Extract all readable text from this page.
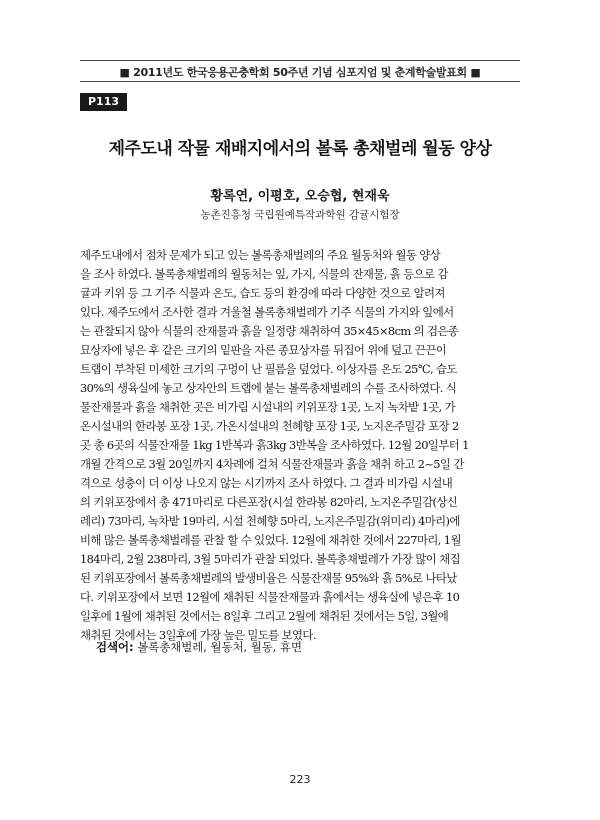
■ 2011년도 한국응용곤충학회 50주년 기념 심포지엄 및 춘계학술발표회 ■
P113
제주도내 작물 재배지에서의 볼록 총채벌레 월동 양상
황록연, 이평호, 오승협, 현재욱
농촌진흥청 국립원예특작과학원 감귤시험장
제주도내에서 점차 문제가 되고 있는 볼록총채벌레의 주요 월동처와 월동 양상
을 조사 하였다. 볼록총채벌레의 월동처는 잎, 가지, 식물의 잔재물, 흙 등으로 감
귤과 키위 등 그 기주 식물과 온도, 습도 등의 환경에 따라 다양한 것으로 알려져
있다. 제주도에서 조사한 결과 겨울철 볼록총채벌레가 기주 식물의 가지와 잎에서
는 관찰되지 않아 식물의 잔재물과 흙을 일정량 채취하여 35×45×8cm 의 검은종
묘상자에 넣은 후 같은 크기의 밑판을 자른 종묘상자를 뒤집어 위에 덮고 끈끈이
트랩이 부착된 미세한 크기의 구멍이 난 필름을 덮었다. 이상자를 온도 25℃, 습도
30%의 생육실에 놓고 상자안의 트랩에 붙는 볼록총채벌레의 수를 조사하였다. 식
물잔재물과 흙을 채취한 곳은 비가림 시설내의 키위포장 1곳, 노지 녹차밭 1곳, 가
온시설내의 한라봉 포장 1곳, 가온시설내의 천혜향 포장 1곳, 노지온주밀감 포장 2
곳 총 6곳의 식물잔재물 1kg 1반복과 흙3kg 3반복을 조사하였다. 12월 20일부터 1
개월 간격으로 3월 20일까지 4차례에 걸쳐 식물잔재물과 흙을 채취 하고 2~5일 간
격으로 성충이 더 이상 나오지 않는 시기까지 조사 하였다. 그 결과 비가림 시설내
의 키위포장에서 총 471마리로 다른포장(시설 한라봉 82마리, 노지온주밀감(상신
레리) 73마리, 녹차밭 19마리, 시설 천혜향 5마리, 노지온주밀감(위미리) 4마리)에
비해 많은 볼록총채벌레를 관찰 할 수 있었다. 12월에 채취한 것에서 227마리, 1월
184마리, 2월 238마리, 3월 5마리가 관찰 되었다. 볼록총채벌레가 가장 많이 채집
된 키위포장에서 볼록총채벌레의 발생비율은 식물잔재물 95%와 흙 5%로 나타났
다. 키위포장에서 보면 12월에 채취된 식물잔재물과 흙에서는 생육실에 넣은후 10
일후에 1월에 채취된 것에서는 8일후 그리고 2월에 채취된 것에서는 5일, 3월에
채취된 것에서는 3일후에 가장 높은 밀도를 보였다.
검색어: 볼록총채벌레, 월동처, 월동, 휴면
223
